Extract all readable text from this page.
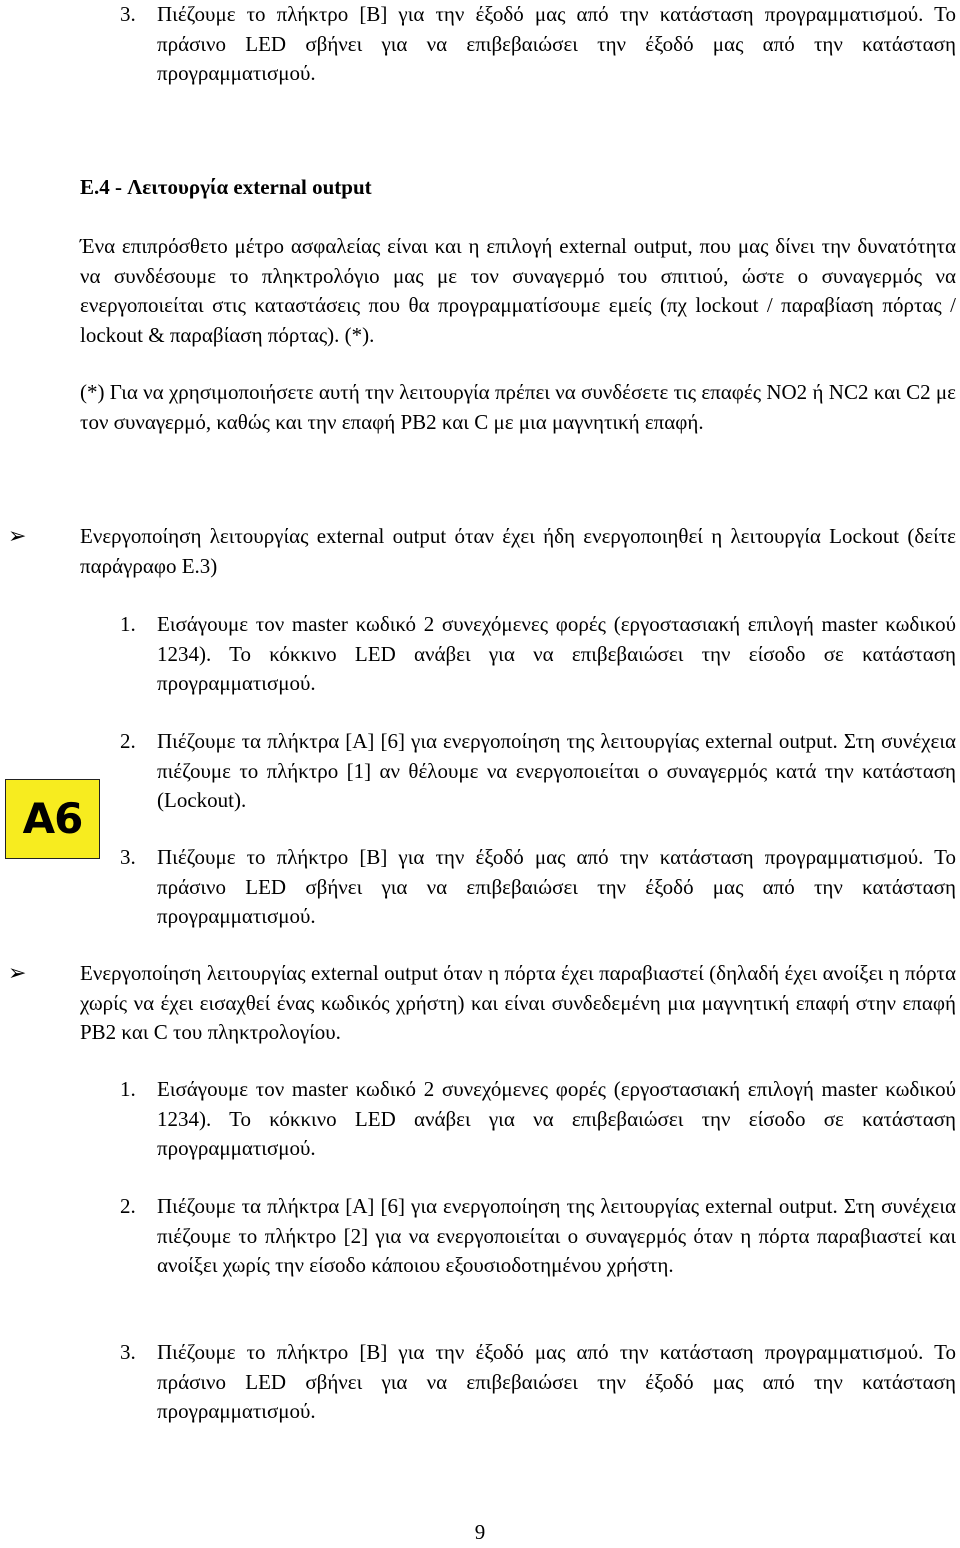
3. Πιέζουμε το πλήκτρο [B] για την έξοδό μας από την κατάσταση προγραμματισμού. Το πράσινο LED σβήνει για να επιβεβαιώσει την έξοδό μας από την κατάσταση προγραμματισμού.
E.4 - Λειτουργία external output
Ένα επιπρόσθετο μέτρο ασφαλείας είναι και η επιλογή external output, που μας δίνει την δυνατότητα να συνδέσουμε το πληκτρολόγιο μας με τον συναγερμό του σπιτιού, ώστε ο συναγερμός να ενεργοποιείται στις καταστάσεις που θα προγραμματίσουμε εμείς (πχ lockout / παραβίαση πόρτας / lockout & παραβίαση πόρτας). (*).
(*) Για να χρησιμοποιήσετε αυτή την λειτουργία πρέπει να συνδέσετε τις επαφές NO2 ή NC2 και C2 με τον συναγερμό, καθώς και την επαφή PB2 και C με μια μαγνητική επαφή.
➢	Ενεργοποίηση λειτουργίας external output όταν έχει ήδη ενεργοποιηθεί η λειτουργία Lockout (δείτε παράγραφο E.3)
1. Εισάγουμε τον master κωδικό 2 συνεχόμενες φορές (εργοστασιακή επιλογή master κωδικού 1234). Το κόκκινο LED ανάβει για να επιβεβαιώσει την είσοδο σε κατάσταση προγραμματισμού.
2. Πιέζουμε τα πλήκτρα [A] [6] για ενεργοποίηση της λειτουργίας external output. Στη συνέχεια πιέζουμε το πλήκτρο [1] αν θέλουμε να ενεργοποιείται ο συναγερμός κατά την κατάσταση (Lockout).
A6
3. Πιέζουμε το πλήκτρο [B] για την έξοδό μας από την κατάσταση προγραμματισμού. Το πράσινο LED σβήνει για να επιβεβαιώσει την έξοδό μας από την κατάσταση προγραμματισμού.
➢	Ενεργοποίηση λειτουργίας external output όταν η πόρτα έχει παραβιαστεί (δηλαδή έχει ανοίξει η πόρτα χωρίς να έχει εισαχθεί ένας κωδικός χρήστη) και είναι συνδεδεμένη μια μαγνητική επαφή στην επαφή PB2 και C του πληκτρολογίου.
1. Εισάγουμε τον master κωδικό 2 συνεχόμενες φορές (εργοστασιακή επιλογή master κωδικού 1234). Το κόκκινο LED ανάβει για να επιβεβαιώσει την είσοδο σε κατάσταση προγραμματισμού.
2. Πιέζουμε τα πλήκτρα [A] [6] για ενεργοποίηση της λειτουργίας external output. Στη συνέχεια πιέζουμε το πλήκτρο [2] για να ενεργοποιείται ο συναγερμός όταν η πόρτα παραβιαστεί και ανοίξει χωρίς την είσοδο κάποιου εξουσιοδοτημένου χρήστη.
3. Πιέζουμε το πλήκτρο [B] για την έξοδό μας από την κατάσταση προγραμματισμού. Το πράσινο LED σβήνει για να επιβεβαιώσει την έξοδό μας από την κατάσταση προγραμματισμού.
9
